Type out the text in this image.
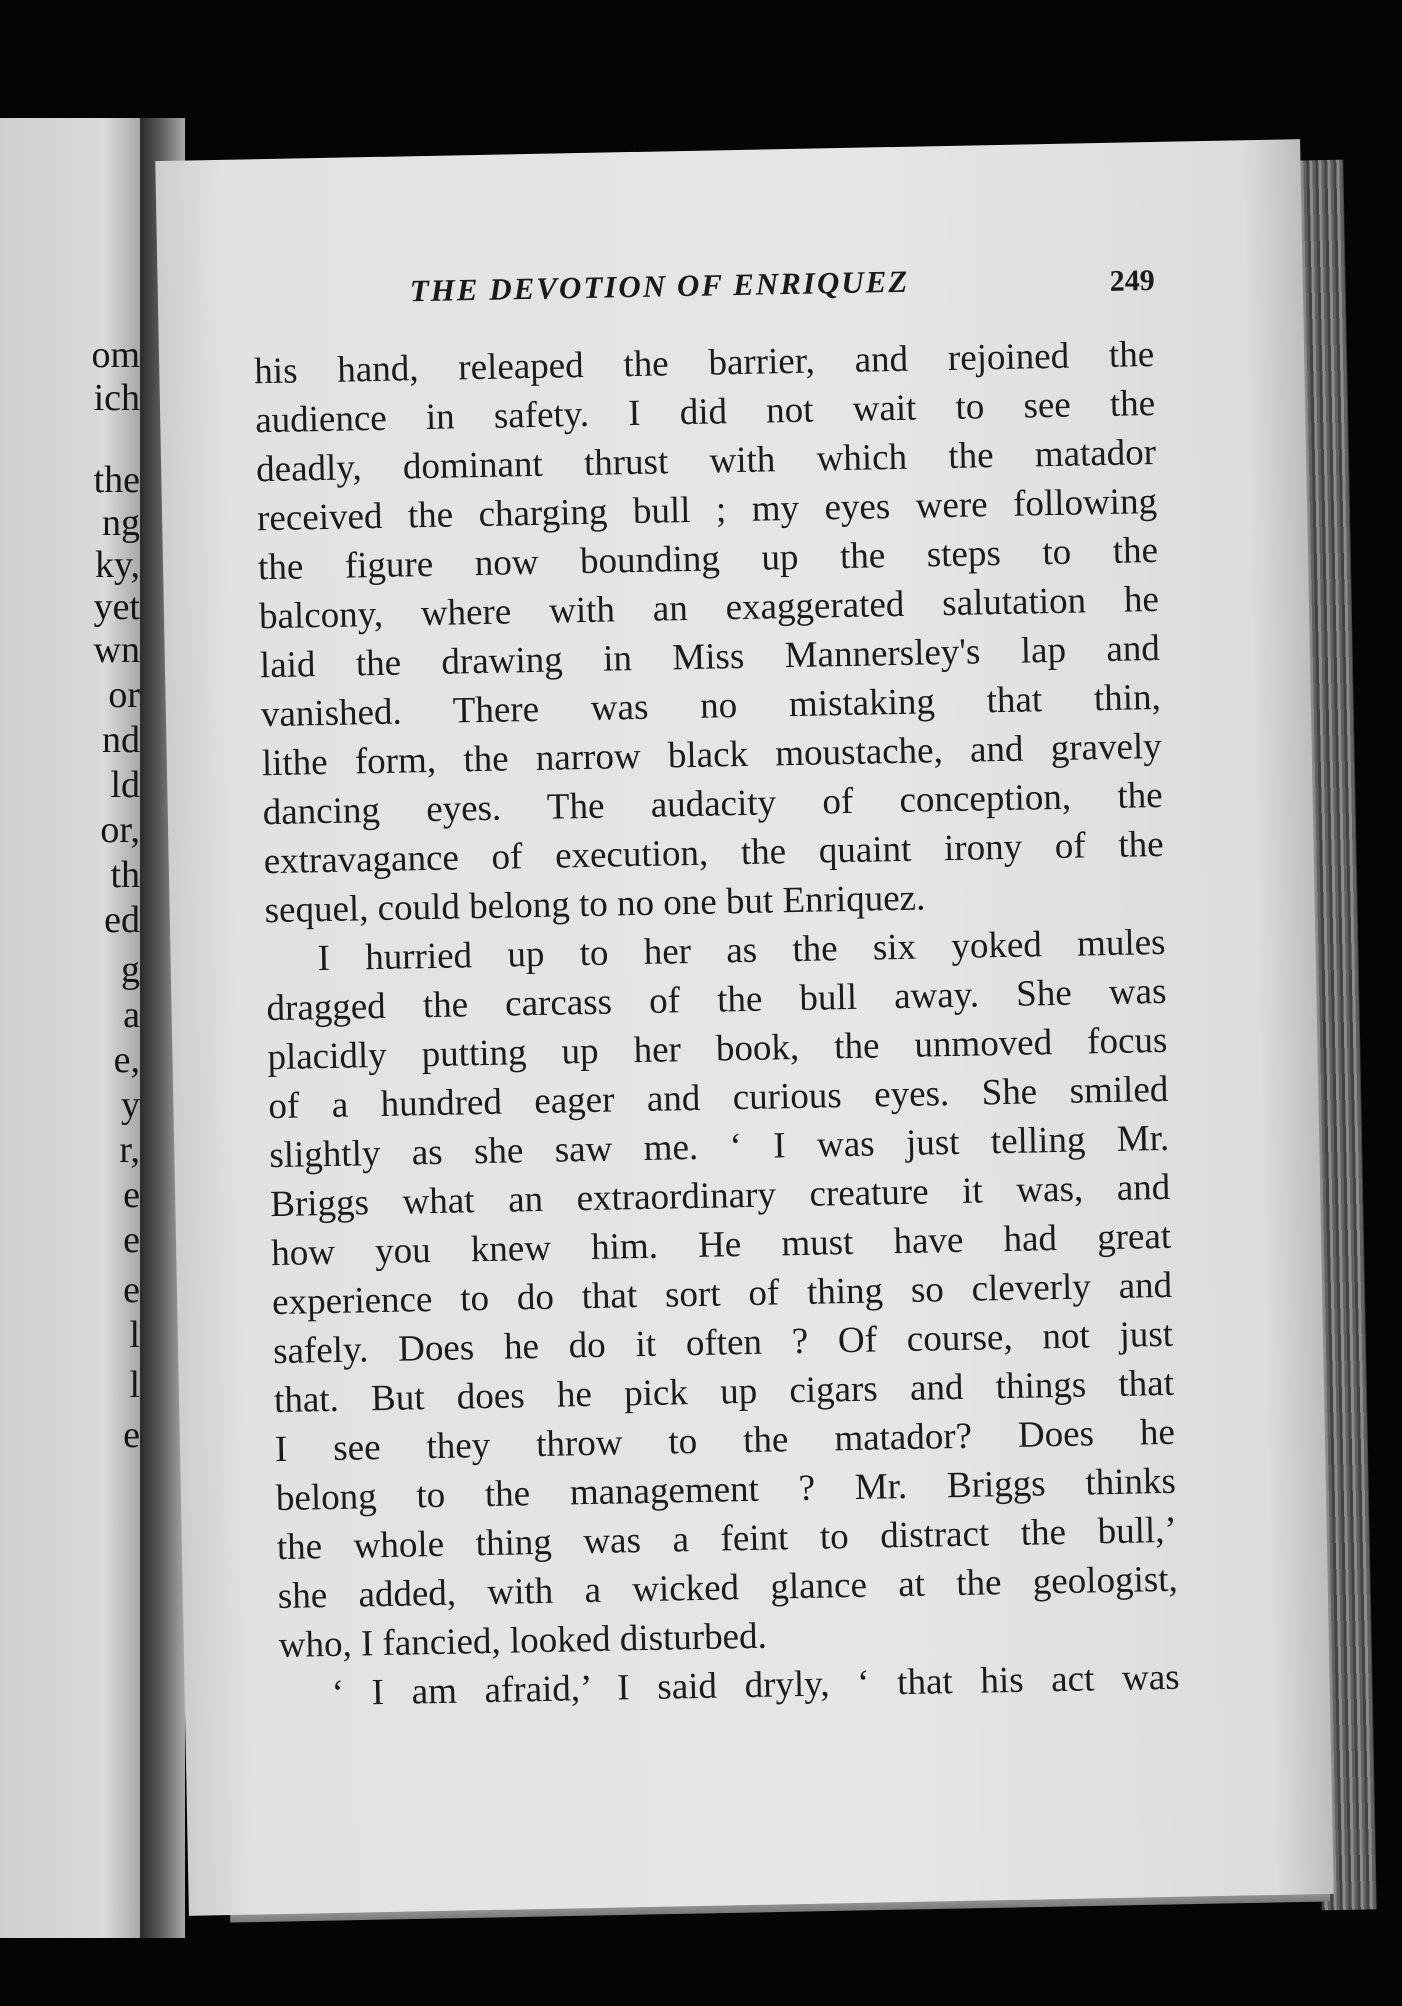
om
ich
the
ng
ky,
yet
wn
or
nd
ld
or,
th
ed
g
a
e,
y
r,
e
e
e
l
l
e
THE DEVOTION OF ENRIQUEZ	249
his hand, releaped the barrier, and rejoined the
audience in safety. I did not wait to see the
deadly, dominant thrust with which the matador
received the charging bull ; my eyes were following
the figure now bounding up the steps to the
balcony, where with an exaggerated salutation he
laid the drawing in Miss Mannersley's lap and
vanished. There was no mistaking that thin,
lithe form, the narrow black moustache, and gravely
dancing eyes. The audacity of conception, the
extravagance of execution, the quaint irony of the
sequel, could belong to no one but Enriquez.
I hurried up to her as the six yoked mules
dragged the carcass of the bull away. She was
placidly putting up her book, the unmoved focus
of a hundred eager and curious eyes. She smiled
slightly as she saw me. ‘ I was just telling Mr.
Briggs what an extraordinary creature it was, and
how you knew him. He must have had great
experience to do that sort of thing so cleverly and
safely. Does he do it often ? Of course, not just
that. But does he pick up cigars and things that
I see they throw to the matador? Does he
belong to the management ? Mr. Briggs thinks
the whole thing was a feint to distract the bull,’
she added, with a wicked glance at the geologist,
who, I fancied, looked disturbed.
‘ I am afraid,’ I said dryly, ‘ that his act was
